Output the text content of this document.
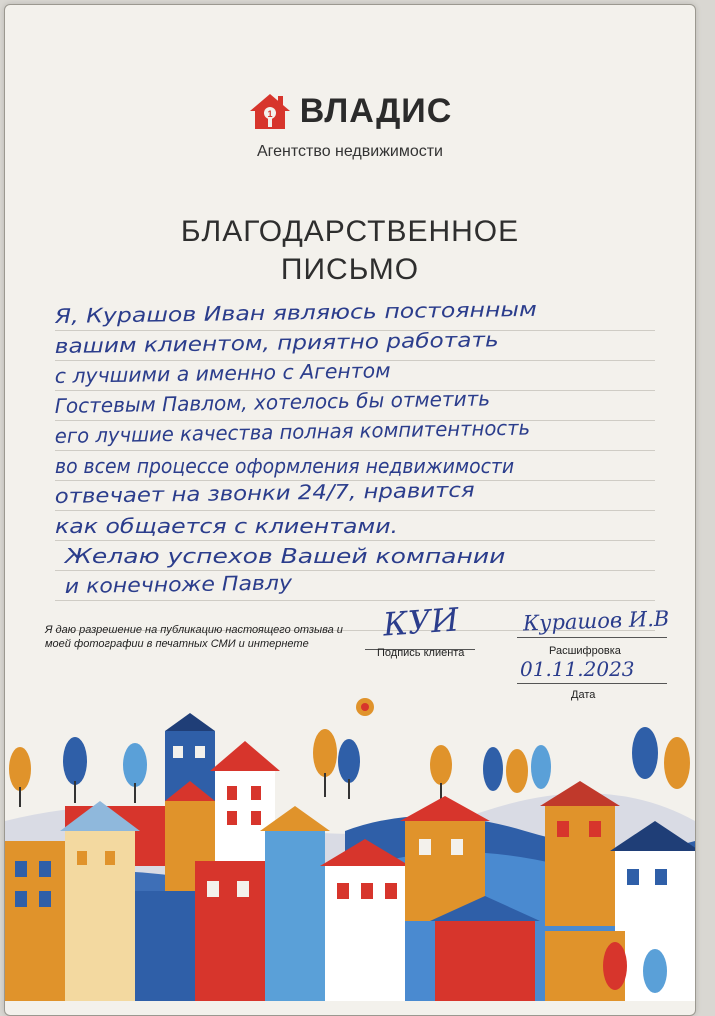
1 ВЛАДИС
Агентство недвижимости
БЛАГОДАРСТВЕННОЕ
ПИСЬМО
Я, Курашов Иван являюсь постоянным
вашим клиентом, приятно работать
с лучшими а именно с Агентом
Гостевым Павлом, хотелось бы отметить
его лучшие качества полная компитентность
во всем процессе оформления недвижимости
отвечает на звонки 24/7, нравится
как общается с клиентами.
Желаю успехов Вашей компании
и конечноже Павлу
Я даю разрешение на публикацию настоящего отзыва и моей фотографии в печатных СМИ и интернете
КУИ
Подпись клиента
Курашов И.В
Расшифровка
01.11.2023
Дата
